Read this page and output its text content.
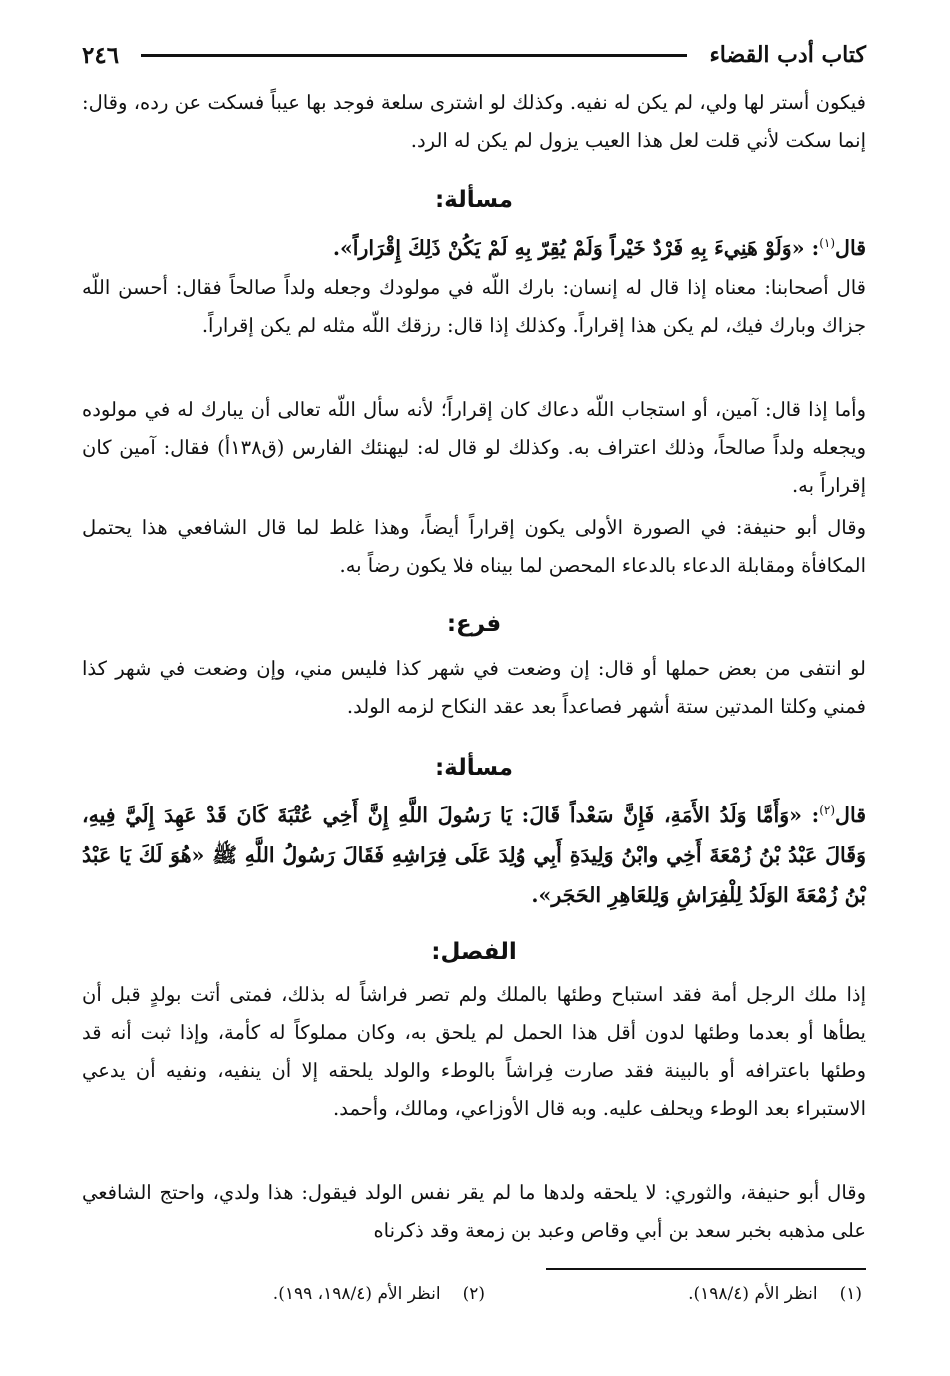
كتاب أدب القضاء
٢٤٦
فيكون أستر لها ولي، لم يكن له نفيه. وكذلك لو اشترى سلعة فوجد بها عيباً فسكت عن رده، وقال: إنما سكت لأني قلت لعل هذا العيب يزول لم يكن له الرد.
مسألة:
قال$^{(١)}$: «وَلَوْ هَنِيءَ بِهِ فَرْدٌ خَيْراً وَلَمْ يُقِرّ بِهِ لَمْ يَكُنْ ذَلِكَ إِقْرَاراً».
قال أصحابنا: معناه إذا قال له إنسان: بارك اللّه في مولودك وجعله ولداً صالحاً فقال: أحسن اللّه جزاك وبارك فيك، لم يكن هذا إقراراً. وكذلك إذا قال: رزقك اللّه مثله لم يكن إقراراً.
وأما إذا قال: آمين، أو استجاب اللّه دعاك كان إقراراً؛ لأنه سأل اللّه تعالى أن يبارك له في مولوده ويجعله ولداً صالحاً، وذلك اعتراف به. وكذلك لو قال له: ليهنئك الفارس (ق١٣٨أ) فقال: آمين كان إقراراً به.
وقال أبو حنيفة: في الصورة الأولى يكون إقراراً أيضاً، وهذا غلط لما قال الشافعي هذا يحتمل المكافأة ومقابلة الدعاء بالدعاء المحصن لما بيناه فلا يكون رضاً به.
فرع:
لو انتفى من بعض حملها أو قال: إن وضعت في شهر كذا فليس مني، وإن وضعت في شهر كذا فمني وكلتا المدتين ستة أشهر فصاعداً بعد عقد النكاح لزمه الولد.
مسألة:
قال$^{(٢)}$: «وَأَمَّا وَلَدُ الأَمَةِ، فَإِنَّ سَعْداً قَالَ: يَا رَسُولَ اللَّهِ إِنَّ أَخِي عُتْبَةَ كَانَ قَدْ عَهِدَ إِلَيَّ فِيهِ، وَقَالَ عَبْدُ بْنُ زُمْعَةَ أَخِي وابْنُ وَلِيدَةِ أَبِي وُلِدَ عَلَى فِرَاشِهِ فَقَالَ رَسُولُ اللَّهِ ﷺ «هُوَ لَكَ يَا عَبْدُ بْنُ زُمْعَةَ الوَلَدُ لِلْفِرَاشِ وَلِلعَاهِرِ الحَجَر».
الفصل:
إذا ملك الرجل أمة فقد استباح وطئها بالملك ولم تصر فراشاً له بذلك، فمتى أتت بولدٍ قبل أن يطأها أو بعدما وطئها لدون أقل هذا الحمل لم يلحق به، وكان مملوكاً له كأمة، وإذا ثبت أنه قد وطئها باعترافه أو بالبينة فقد صارت فِراشاً بالوطء والولد يلحقه إلا أن ينفيه، ونفيه أن يدعي الاستبراء بعد الوطء ويحلف عليه. وبه قال الأوزاعي، ومالك، وأحمد.
وقال أبو حنيفة، والثوري: لا يلحقه ولدها ما لم يقر نفس الولد فيقول: هذا ولدي، واحتج الشافعي على مذهبه بخبر سعد بن أبي وقاص وعبد بن زمعة وقد ذكرناه
(١)انظر الأم (١٩٨/٤).
(٢)انظر الأم (١٩٨/٤، ١٩٩).
